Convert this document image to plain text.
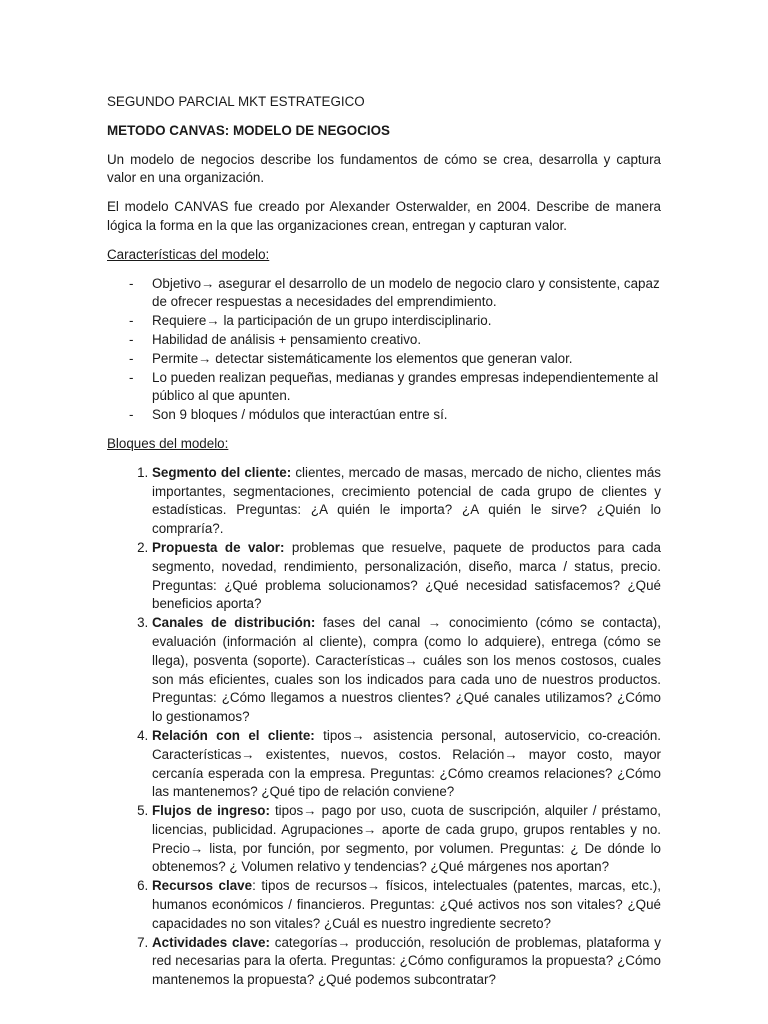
SEGUNDO PARCIAL MKT ESTRATEGICO

METODO CANVAS: MODELO DE NEGOCIOS

Un modelo de negocios describe los fundamentos de cómo se crea, desarrolla y captura valor en una organización.

El modelo CANVAS fue creado por Alexander Osterwalder, en 2004. Describe de manera lógica la forma en la que las organizaciones crean, entregan y capturan valor.

Características del modelo:

- Objetivo→ asegurar el desarrollo de un modelo de negocio claro y consistente, capaz de ofrecer respuestas a necesidades del emprendimiento.
- Requiere→ la participación de un grupo interdisciplinario.
- Habilidad de análisis + pensamiento creativo.
- Permite→ detectar sistemáticamente los elementos que generan valor.
- Lo pueden realizan pequeñas, medianas y grandes empresas independientemente al público al que apunten.
- Son 9 bloques / módulos que interactúan entre sí.

Bloques del modelo:

1. Segmento del cliente: clientes, mercado de masas, mercado de nicho, clientes más importantes, segmentaciones, crecimiento potencial de cada grupo de clientes y estadísticas. Preguntas: ¿A quién le importa? ¿A quién le sirve? ¿Quién lo compraría?.
2. Propuesta de valor: problemas que resuelve, paquete de productos para cada segmento, novedad, rendimiento, personalización, diseño, marca / status, precio. Preguntas: ¿Qué problema solucionamos? ¿Qué necesidad satisfacemos? ¿Qué beneficios aporta?
3. Canales de distribución: fases del canal → conocimiento (cómo se contacta), evaluación (información al cliente), compra (como lo adquiere), entrega (cómo se llega), posventa (soporte). Características→ cuáles son los menos costosos, cuales son más eficientes, cuales son los indicados para cada uno de nuestros productos. Preguntas: ¿Cómo llegamos a nuestros clientes? ¿Qué canales utilizamos? ¿Cómo lo gestionamos?
4. Relación con el cliente: tipos→ asistencia personal, autoservicio, co-creación. Características→ existentes, nuevos, costos. Relación→ mayor costo, mayor cercanía esperada con la empresa. Preguntas: ¿Cómo creamos relaciones? ¿Cómo las mantenemos? ¿Qué tipo de relación conviene?
5. Flujos de ingreso: tipos→ pago por uso, cuota de suscripción, alquiler / préstamo, licencias, publicidad. Agrupaciones→ aporte de cada grupo, grupos rentables y no. Precio→ lista, por función, por segmento, por volumen. Preguntas: ¿ De dónde lo obtenemos? ¿ Volumen relativo y tendencias? ¿Qué márgenes nos aportan?
6. Recursos clave: tipos de recursos→ físicos, intelectuales (patentes, marcas, etc.), humanos económicos / financieros. Preguntas: ¿Qué activos nos son vitales? ¿Qué capacidades no son vitales? ¿Cuál es nuestro ingrediente secreto?
7. Actividades clave: categorías→ producción, resolución de problemas, plataforma y red necesarias para la oferta. Preguntas: ¿Cómo configuramos la propuesta? ¿Cómo mantenemos la propuesta? ¿Qué podemos subcontratar?
